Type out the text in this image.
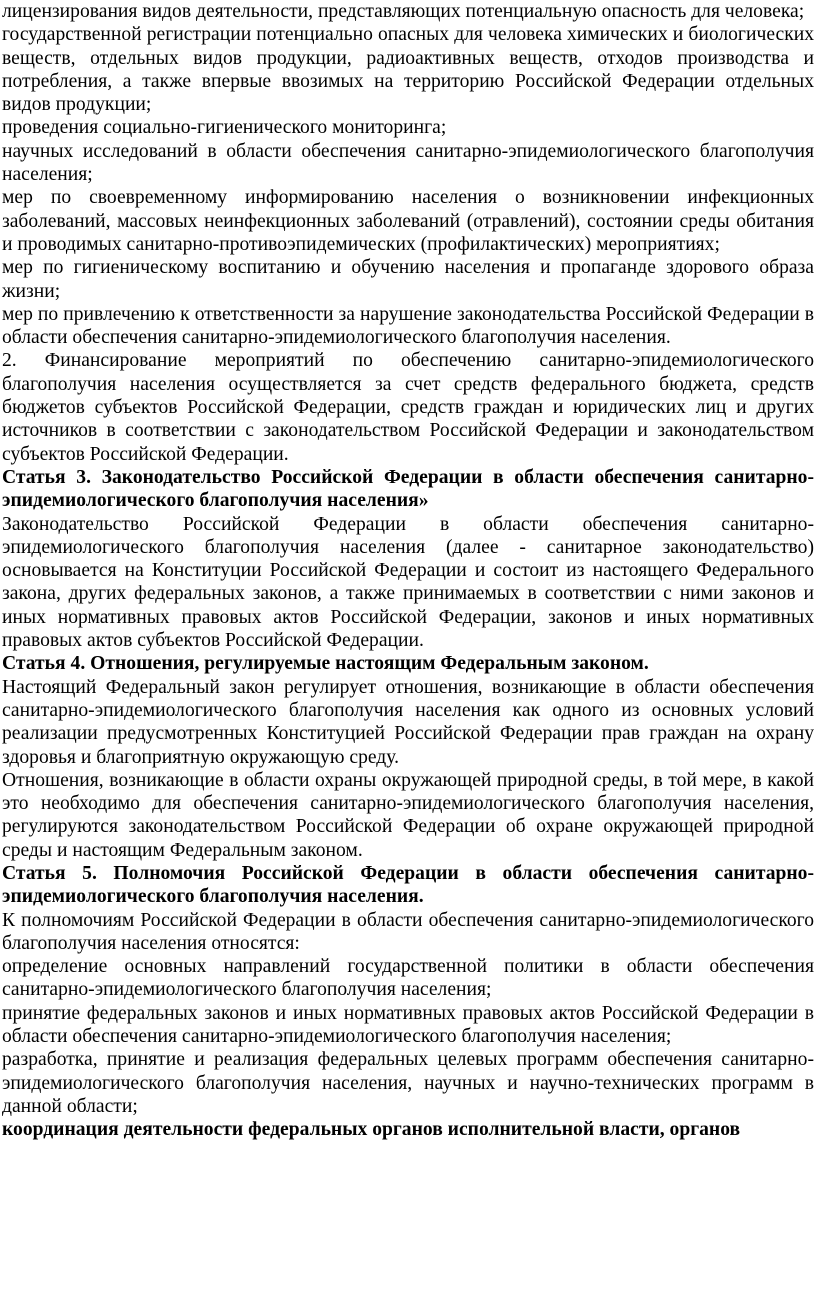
лицензирования видов деятельности, представляющих потенциальную опасность для человека;

государственной регистрации потенциально опасных для человека химических и биологических веществ, отдельных видов продукции, радиоактивных веществ, отходов производства и потребления, а также впервые ввозимых на территорию Российской Федерации отдельных видов продукции;

проведения социально-гигиенического мониторинга;

научных исследований в области обеспечения санитарно-эпидемиологического благополучия населения;

мер по своевременному информированию населения о возникновении инфекционных заболеваний, массовых неинфекционных заболеваний (отравлений), состоянии среды обитания и проводимых санитарно-противоэпидемических (профилактических) мероприятиях;

мер по гигиеническому воспитанию и обучению населения и пропаганде здорового образа жизни;

мер по привлечению к ответственности за нарушение законодательства Российской Федерации в области обеспечения санитарно-эпидемиологического благополучия населения.

2. Финансирование мероприятий по обеспечению санитарно-эпидемиологического благополучия населения осуществляется за счет средств федерального бюджета, средств бюджетов субъектов Российской Федерации, средств граждан и юридических лиц и других источников в соответствии с законодательством Российской Федерации и законодательством субъектов Российской Федерации.

Статья 3. Законодательство Российской Федерации в области обеспечения санитарно-эпидемиологического благополучия населения»

Законодательство Российской Федерации в области обеспечения санитарно-эпидемиологического благополучия населения (далее - санитарное законодательство) основывается на Конституции Российской Федерации и состоит из настоящего Федерального закона, других федеральных законов, а также принимаемых в соответствии с ними законов и иных нормативных правовых актов Российской Федерации, законов и иных нормативных правовых актов субъектов Российской Федерации.

Статья 4. Отношения, регулируемые настоящим Федеральным законом.

Настоящий Федеральный закон регулирует отношения, возникающие в области обеспечения санитарно-эпидемиологического благополучия населения как одного из основных условий реализации предусмотренных Конституцией Российской Федерации прав граждан на охрану здоровья и благоприятную окружающую среду.

Отношения, возникающие в области охраны окружающей природной среды, в той мере, в какой это необходимо для обеспечения санитарно-эпидемиологического благополучия населения, регулируются законодательством Российской Федерации об охране окружающей природной среды и настоящим Федеральным законом.

Статья 5. Полномочия Российской Федерации в области обеспечения санитарно-эпидемиологического благополучия населения.

К полномочиям Российской Федерации в области обеспечения санитарно-эпидемиологического благополучия населения относятся:

определение основных направлений государственной политики в области обеспечения санитарно-эпидемиологического благополучия населения;

принятие федеральных законов и иных нормативных правовых актов Российской Федерации в области обеспечения санитарно-эпидемиологического благополучия населения;

разработка, принятие и реализация федеральных целевых программ обеспечения санитарно-эпидемиологического благополучия населения, научных и научно-технических программ в данной области;

координация деятельности федеральных органов исполнительной власти, органов
